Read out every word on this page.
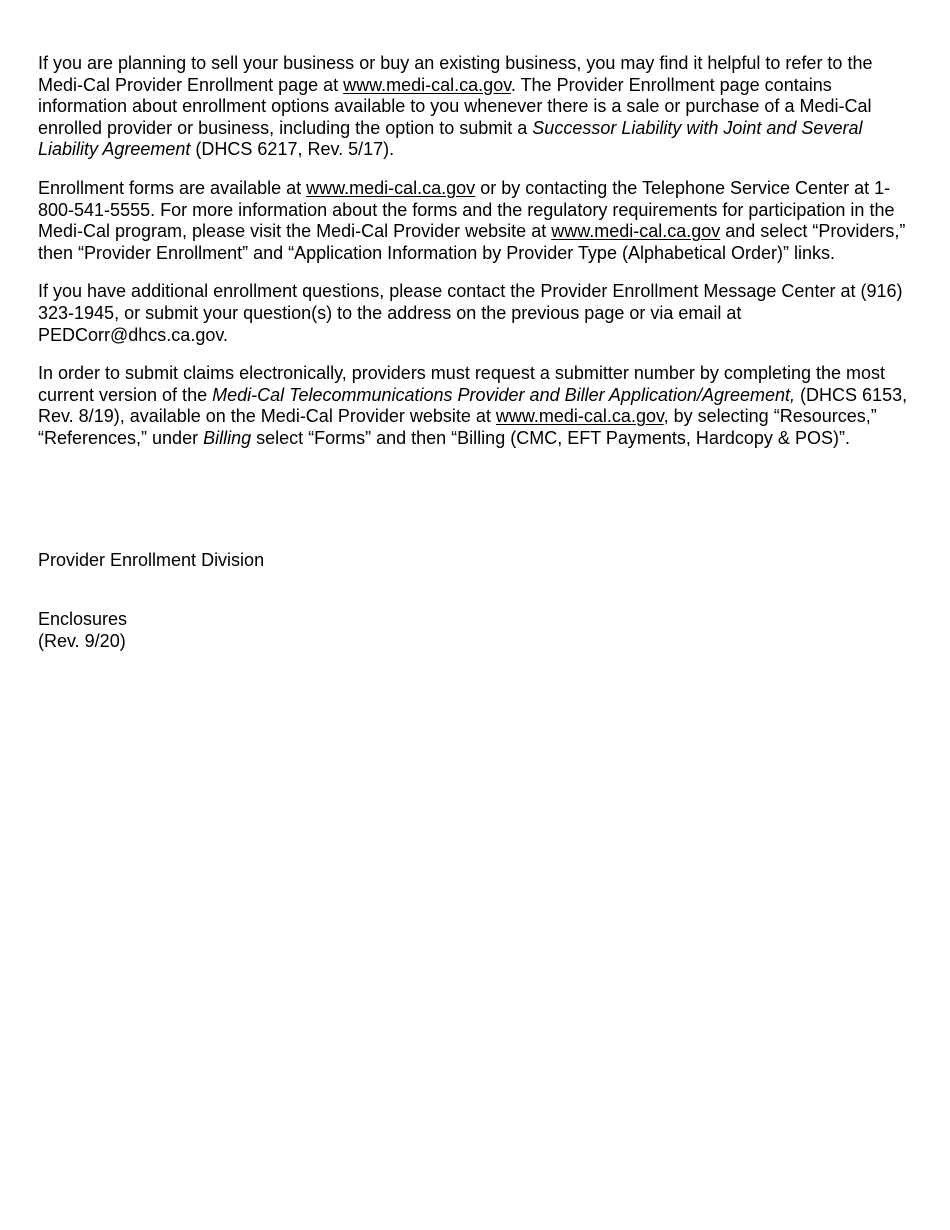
If you are planning to sell your business or buy an existing business, you may find it helpful to refer to the Medi-Cal Provider Enrollment page at www.medi-cal.ca.gov. The Provider Enrollment page contains information about enrollment options available to you whenever there is a sale or purchase of a Medi-Cal enrolled provider or business, including the option to submit a Successor Liability with Joint and Several Liability Agreement (DHCS 6217, Rev. 5/17).

Enrollment forms are available at www.medi-cal.ca.gov or by contacting the Telephone Service Center at 1-800-541-5555. For more information about the forms and the regulatory requirements for participation in the Medi-Cal program, please visit the Medi-Cal Provider website at www.medi-cal.ca.gov and select “Providers,” then “Provider Enrollment” and “Application Information by Provider Type (Alphabetical Order)” links.

If you have additional enrollment questions, please contact the Provider Enrollment Message Center at (916) 323-1945, or submit your question(s) to the address on the previous page or via email at PEDCorr@dhcs.ca.gov.

In order to submit claims electronically, providers must request a submitter number by completing the most current version of the Medi-Cal Telecommunications Provider and Biller Application/Agreement, (DHCS 6153, Rev. 8/19), available on the Medi-Cal Provider website at www.medi-cal.ca.gov, by selecting “Resources,” “References,” under Billing select “Forms” and then “Billing (CMC, EFT Payments, Hardcopy & POS)”.

Provider Enrollment Division
Enclosures
(Rev. 9/20)
